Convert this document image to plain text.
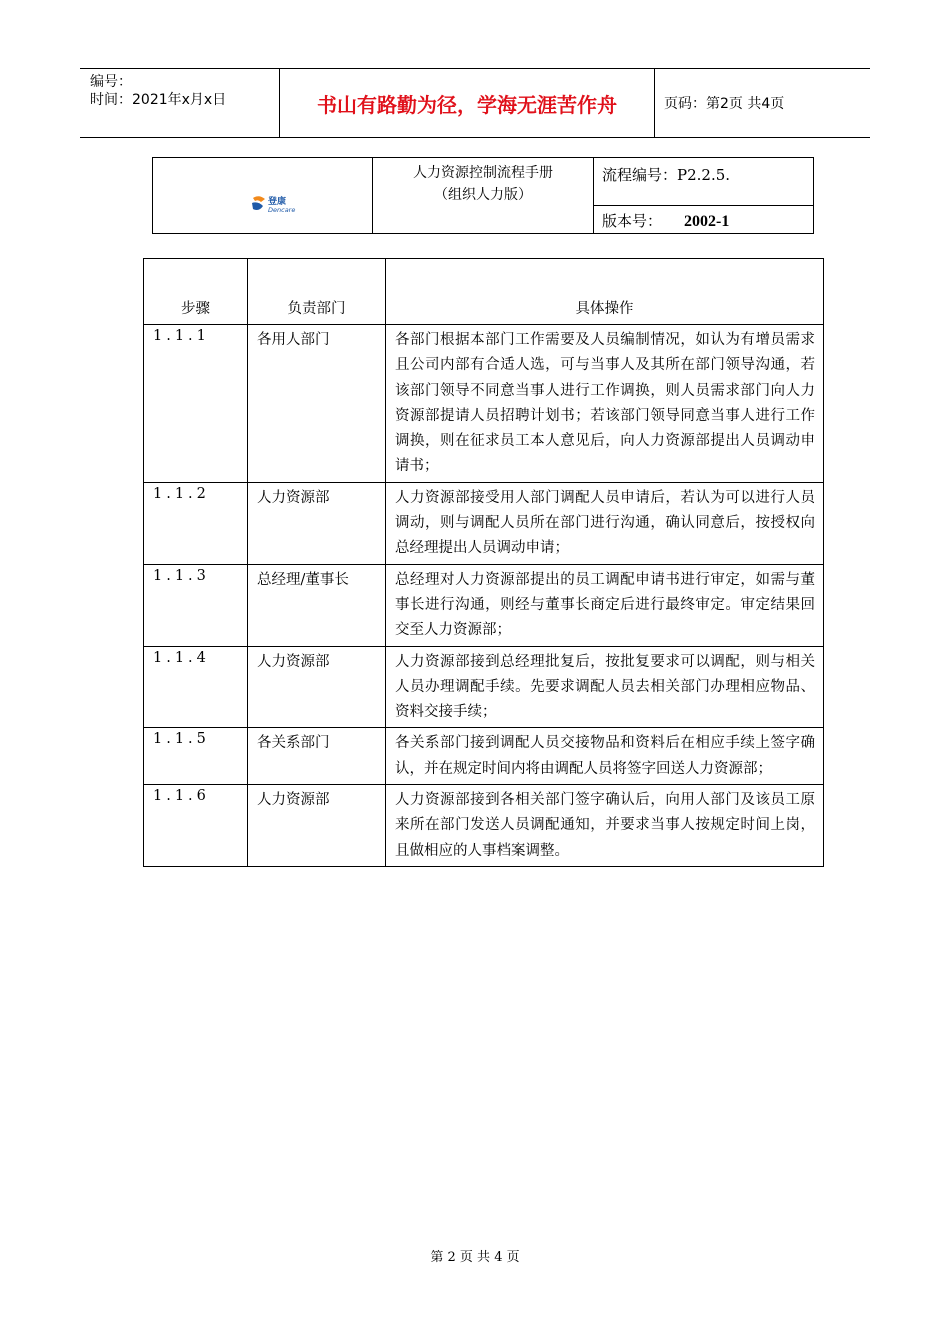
编号：
时间：2021年x月x日	书山有路勤为径，学海无涯苦作舟	页码：第2页 共4页
登康
Dencare
人力资源控制流程手册
（组织人力版）
流程编号：P2.2.5.
版本号： 2002-1
步骤	负责部门	具体操作
1.1.1	各用人部门	各部门根据本部门工作需要及人员编制情况，如认为有增员需求且公司内部有合适人选，可与当事人及其所在部门领导沟通，若该部门领导不同意当事人进行工作调换，则人员需求部门向人力资源部提请人员招聘计划书；若该部门领导同意当事人进行工作调换，则在征求员工本人意见后，向人力资源部提出人员调动申请书；
1.1.2	人力资源部	人力资源部接受用人部门调配人员申请后，若认为可以进行人员调动，则与调配人员所在部门进行沟通，确认同意后，按授权向总经理提出人员调动申请；
1.1.3	总经理/董事长	总经理对人力资源部提出的员工调配申请书进行审定，如需与董事长进行沟通，则经与董事长商定后进行最终审定。审定结果回交至人力资源部；
1.1.4	人力资源部	人力资源部接到总经理批复后，按批复要求可以调配，则与相关人员办理调配手续。先要求调配人员去相关部门办理相应物品、资料交接手续；
1.1.5	各关系部门	各关系部门接到调配人员交接物品和资料后在相应手续上签字确认，并在规定时间内将由调配人员将签字回送人力资源部；
1.1.6	人力资源部	人力资源部接到各相关部门签字确认后，向用人部门及该员工原来所在部门发送人员调配通知，并要求当事人按规定时间上岗，且做相应的人事档案调整。
第 2 页 共 4 页
